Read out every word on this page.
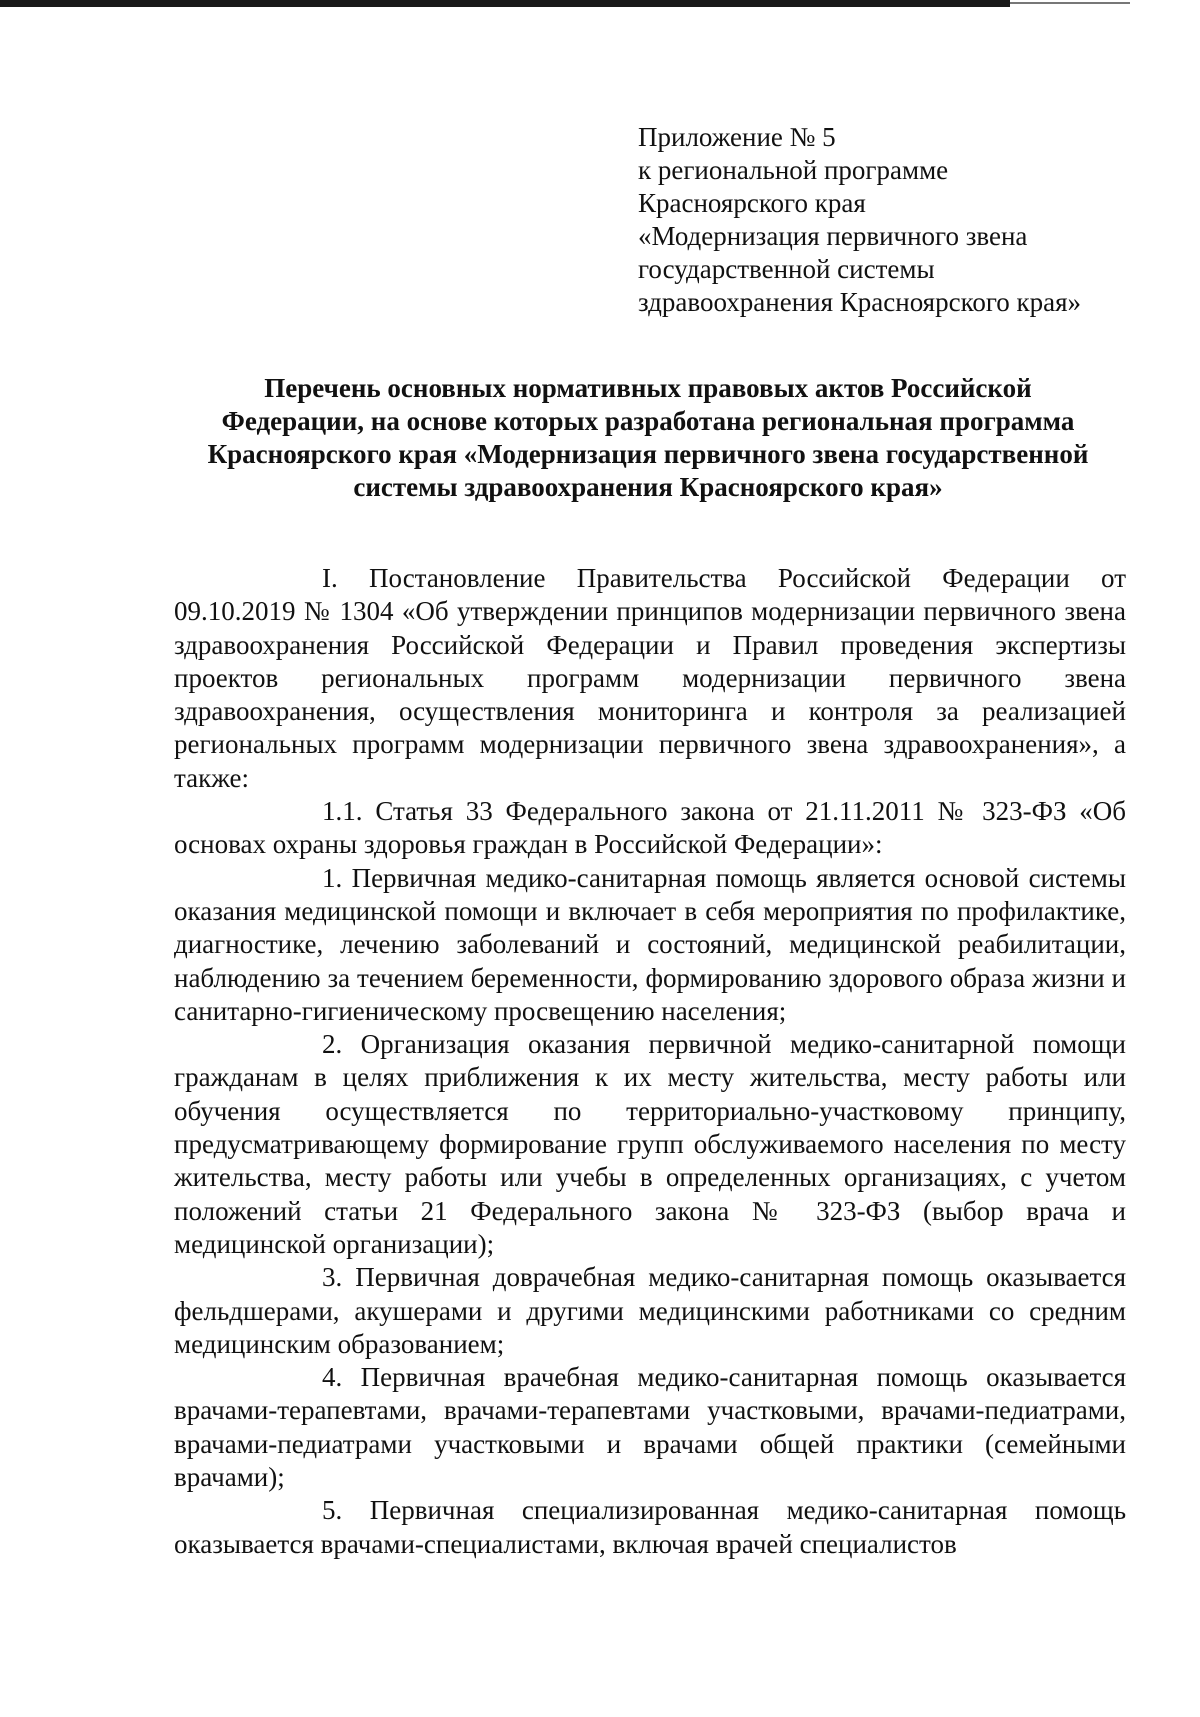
Приложение № 5
к региональной программе
Красноярского края
«Модернизация первичного звена
государственной системы
здравоохранения Красноярского края»
Перечень основных нормативных правовых актов Российской
Федерации, на основе которых разработана региональная программа
Красноярского края «Модернизация первичного звена государственной
системы здравоохранения Красноярского края»
I. Постановление Правительства Российской Федерации от 09.10.2019 № 1304 «Об утверждении принципов модернизации первичного звена здравоохранения Российской Федерации и Правил проведения экспертизы проектов региональных программ модернизации первичного звена здравоохранения, осуществления мониторинга и контроля за реализацией региональных программ модернизации первичного звена здравоохранения», а также:
1.1. Статья 33 Федерального закона от 21.11.2011 № 323-ФЗ «Об основах охраны здоровья граждан в Российской Федерации»:
1. Первичная медико-санитарная помощь является основой системы оказания медицинской помощи и включает в себя мероприятия по профилактике, диагностике, лечению заболеваний и состояний, медицинской реабилитации, наблюдению за течением беременности, формированию здорового образа жизни и санитарно-гигиеническому просвещению населения;
2. Организация оказания первичной медико-санитарной помощи гражданам в целях приближения к их месту жительства, месту работы или обучения осуществляется по территориально-участковому принципу, предусматривающему формирование групп обслуживаемого населения по месту жительства, месту работы или учебы в определенных организациях, с учетом положений статьи 21 Федерального закона № 323-ФЗ (выбор врача и медицинской организации);
3. Первичная доврачебная медико-санитарная помощь оказывается фельдшерами, акушерами и другими медицинскими работниками со средним медицинским образованием;
4. Первичная врачебная медико-санитарная помощь оказывается врачами-терапевтами, врачами-терапевтами участковыми, врачами-педиатрами, врачами-педиатрами участковыми и врачами общей практики (семейными врачами);
5. Первичная специализированная медико-санитарная помощь оказывается врачами-специалистами, включая врачей специалистов
